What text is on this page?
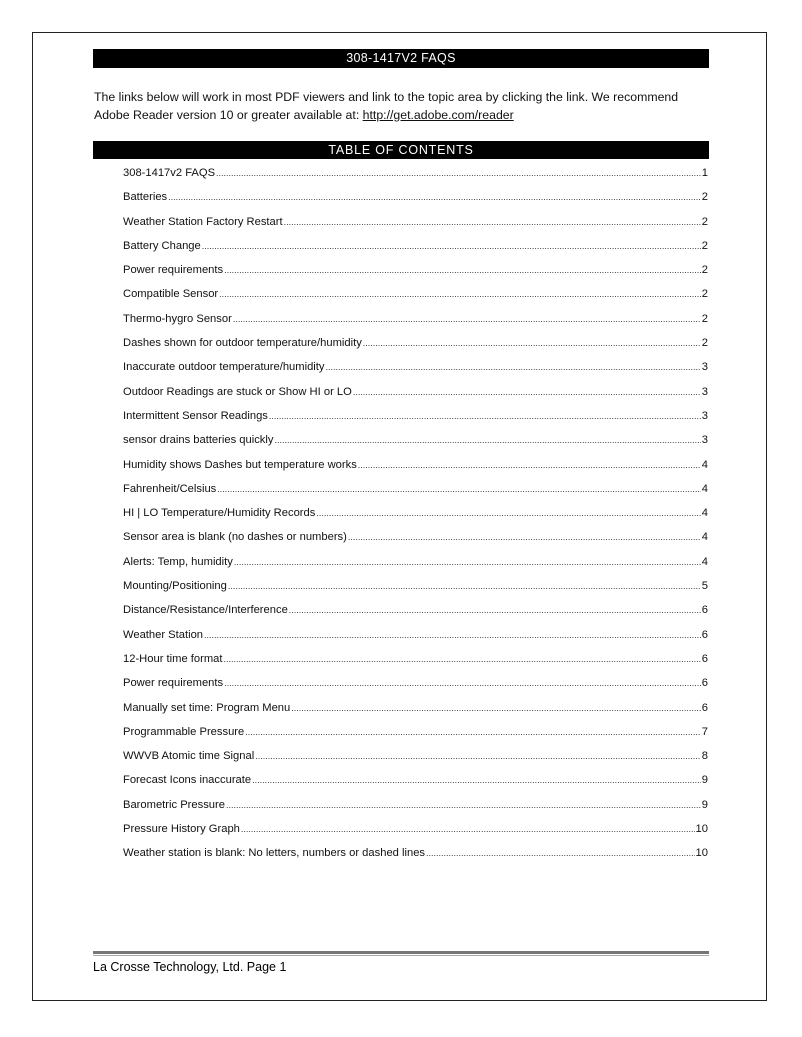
308-1417V2 FAQS
The links below will work in most PDF viewers and link to the topic area by clicking the link. We recommend Adobe Reader version 10 or greater available at: http://get.adobe.com/reader
TABLE OF CONTENTS
308-1417v2 FAQS .....	1
Batteries .....	2
Weather Station Factory Restart .....	2
Battery Change .....	2
Power requirements .....	2
Compatible Sensor .....	2
Thermo-hygro Sensor .....	2
Dashes shown for outdoor temperature/humidity .....	2
Inaccurate outdoor temperature/humidity .....	3
Outdoor Readings are stuck or Show HI or LO .....	3
Intermittent Sensor Readings .....	3
sensor drains batteries quickly .....	3
Humidity shows Dashes but temperature works .....	4
Fahrenheit/Celsius .....	4
HI | LO Temperature/Humidity Records .....	4
Sensor area is blank (no dashes or numbers) .....	4
Alerts: Temp, humidity .....	4
Mounting/Positioning .....	5
Distance/Resistance/Interference .....	6
Weather Station .....	6
12-Hour time format .....	6
Power requirements .....	6
Manually set time: Program Menu .....	6
Programmable Pressure .....	7
WWVB Atomic time Signal .....	8
Forecast Icons inaccurate .....	9
Barometric Pressure .....	9
Pressure History Graph .....	10
Weather station is blank: No letters, numbers or dashed lines .....	10
La Crosse Technology, Ltd. Page 1
